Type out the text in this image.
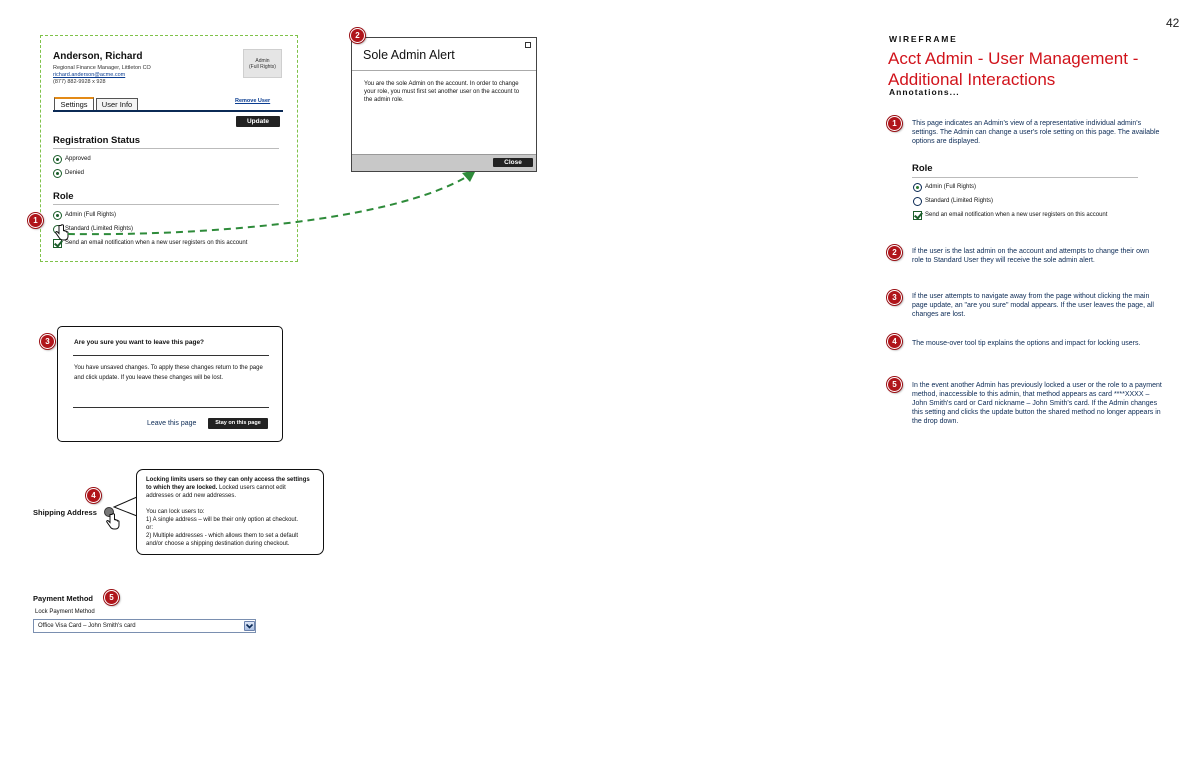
42
Anderson, Richard
Regional Finance Manager, Littleton CO
richard.anderson@acme.com
(877) 882-9928 x 928
Admin
(Full Rights)
Settings	User Info	Remove User
Update
Registration Status
Approved
Denied
Role
Admin (Full Rights)
Standard (Limited Rights)
Send an email notification when a new user registers on this account
1
Sole Admin Alert
You are the sole Admin on the account. In order to change your role, you must first set another user on the account to the admin role.
Close
2
Are you sure you want to leave this page?
You have unsaved changes. To apply these changes return to the page and click update. If you leave these changes will be lost.
Leave this page	Stay on this page
3
Shipping Address
Locking limits users so they can only access the settings to which they are locked. Locked users cannot edit addresses or add new addresses.
You can lock users to:
1) A single address – will be their only option at checkout.
or:
2) Multiple addresses - which allows them to set a default and/or choose a shipping destination during checkout.
4
Payment Method	5
Lock Payment Method
Office Visa Card – John Smith's card
WIREFRAME
Acct Admin - User Management -
Additional Interactions
Annotations...
1	This page indicates an Admin's view of a representative individual admin's settings. The Admin can change a user's role setting on this page. The available options are displayed.
Role
Admin (Full Rights)
Standard (Limited Rights)
Send an email notification when a new user registers on this account
2	If the user is the last admin on the account and attempts to change their own role to Standard User they will receive the sole admin alert.
3	If the user attempts to navigate away from the page without clicking the main page update, an "are you sure" modal appears. If the user leaves the page, all changes are lost.
4	The mouse-over tool tip explains the options and impact for locking users.
5	In the event another Admin has previously locked a user or the role to a payment method, inaccessible to this admin, that method appears as card ****XXXX – John Smith's card or Card nickname – John Smith's card. If the Admin changes this setting and clicks the update button the shared method no longer appears in the drop down.
